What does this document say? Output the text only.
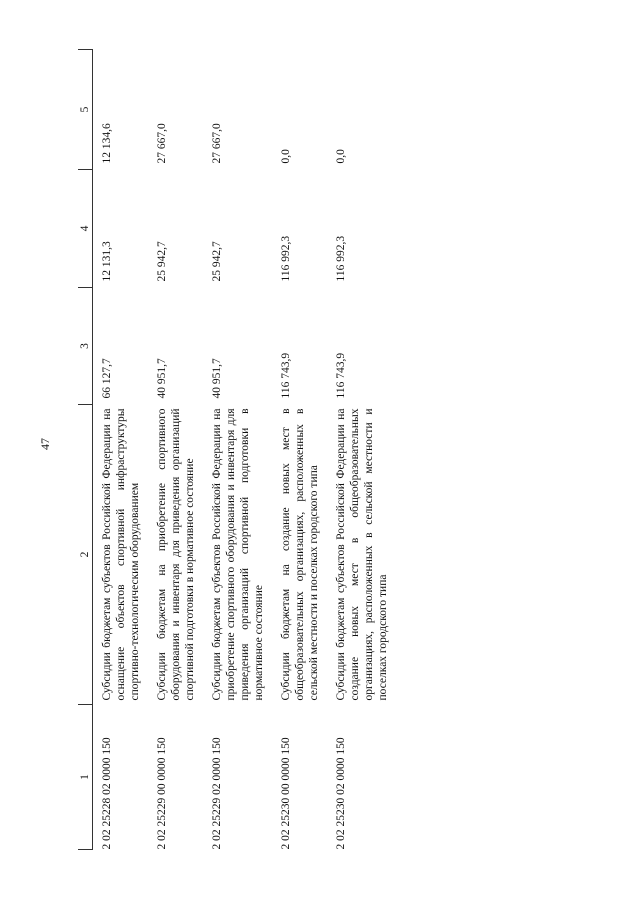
47
1	2	3	4	5
2 02 25228 02 0000 150	Субсидии бюджетам субъектов Российской Федерации на оснащение объектов спортивной инфраструктуры спортивно-технологическим оборудованием	66 127,7	12 131,3	12 134,6
2 02 25229 00 0000 150	Субсидии бюджетам на приобретение спортивного оборудования и инвентаря для приведения организаций спортивной подготовки в нормативное состояние	40 951,7	25 942,7	27 667,0
2 02 25229 02 0000 150	Субсидии бюджетам субъектов Российской Федерации на приобретение спортивного оборудования и инвентаря для приведения организаций спортивной подготовки в нормативное состояние	40 951,7	25 942,7	27 667,0
2 02 25230 00 0000 150	Субсидии бюджетам на создание новых мест в общеобразовательных организациях, расположенных в сельской местности и поселках городского типа	116 743,9	116 992,3	0,0
2 02 25230 02 0000 150	Субсидии бюджетам субъектов Российской Федерации на создание новых мест в общеобразовательных организациях, расположенных в сельской местности и поселках городского типа	116 743,9	116 992,3	0,0
